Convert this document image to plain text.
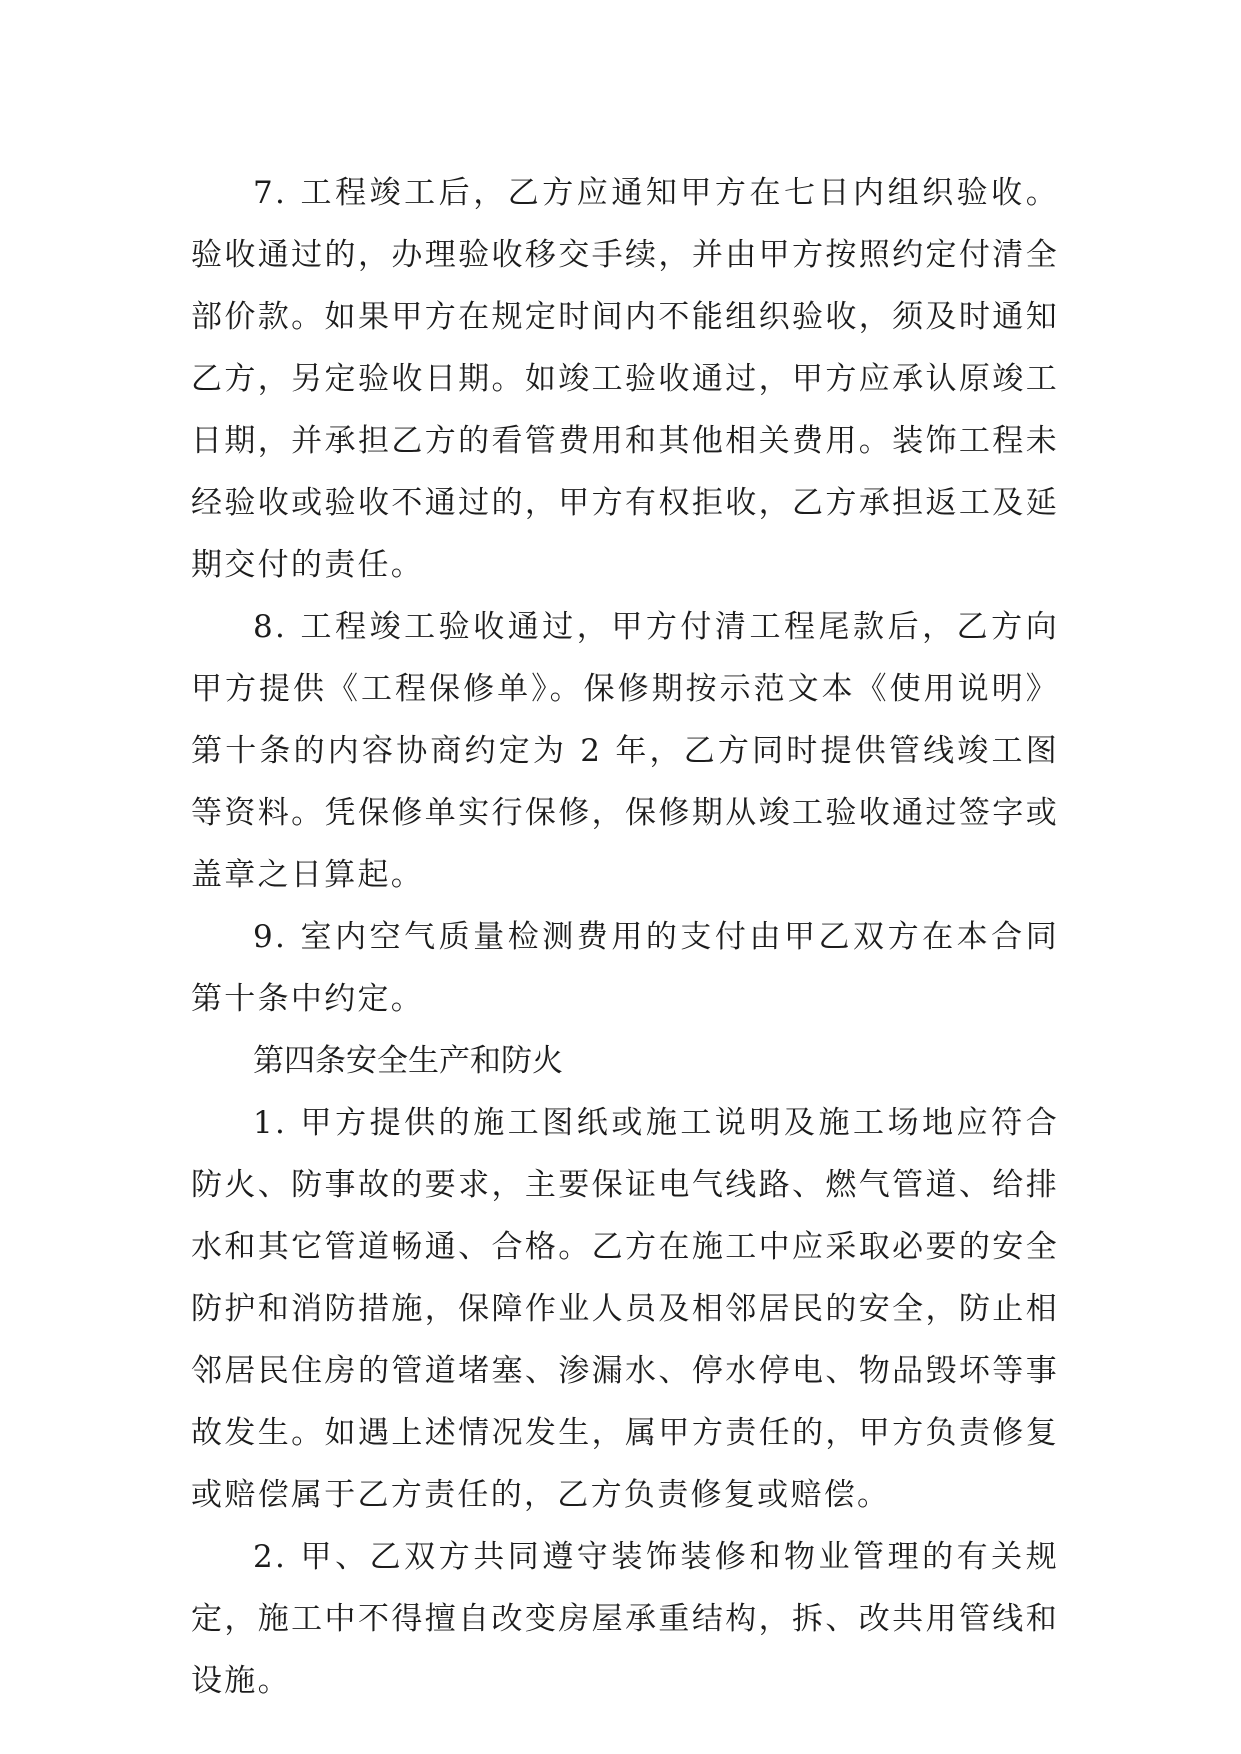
7. 工程竣工后，乙方应通知甲方在七日内组织验收。验收通过的，办理验收移交手续，并由甲方按照约定付清全部价款。如果甲方在规定时间内不能组织验收，须及时通知乙方，另定验收日期。如竣工验收通过，甲方应承认原竣工日期，并承担乙方的看管费用和其他相关费用。装饰工程未经验收或验收不通过的，甲方有权拒收，乙方承担返工及延期交付的责任。

8. 工程竣工验收通过，甲方付清工程尾款后，乙方向甲方提供《工程保修单》。保修期按示范文本《使用说明》第十条的内容协商约定为 2 年，乙方同时提供管线竣工图等资料。凭保修单实行保修，保修期从竣工验收通过签字或盖章之日算起。

9. 室内空气质量检测费用的支付由甲乙双方在本合同第十条中约定。

第四条安全生产和防火

1. 甲方提供的施工图纸或施工说明及施工场地应符合防火、防事故的要求，主要保证电气线路、燃气管道、给排水和其它管道畅通、合格。乙方在施工中应采取必要的安全防护和消防措施，保障作业人员及相邻居民的安全，防止相邻居民住房的管道堵塞、渗漏水、停水停电、物品毁坏等事故发生。如遇上述情况发生，属甲方责任的，甲方负责修复或赔偿属于乙方责任的，乙方负责修复或赔偿。

2. 甲、乙双方共同遵守装饰装修和物业管理的有关规定，施工中不得擅自改变房屋承重结构，拆、改共用管线和设施。
